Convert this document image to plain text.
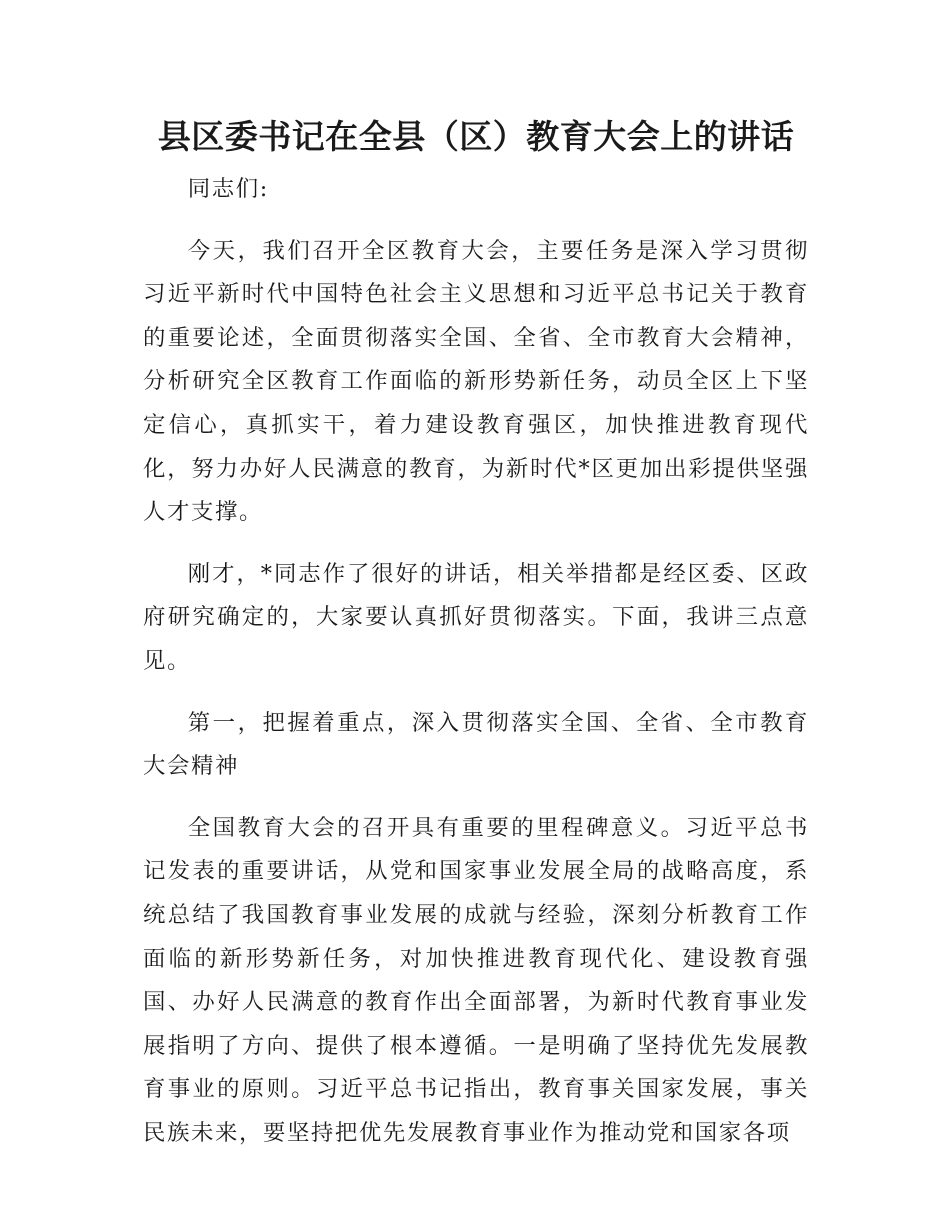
县区委书记在全县（区）教育大会上的讲话

同志们:

今天，我们召开全区教育大会，主要任务是深入学习贯彻习近平新时代中国特色社会主义思想和习近平总书记关于教育的重要论述，全面贯彻落实全国、全省、全市教育大会精神，分析研究全区教育工作面临的新形势新任务，动员全区上下坚定信心，真抓实干，着力建设教育强区，加快推进教育现代化，努力办好人民满意的教育，为新时代*区更加出彩提供坚强人才支撑。

刚才，*同志作了很好的讲话，相关举措都是经区委、区政府研究确定的，大家要认真抓好贯彻落实。下面，我讲三点意见。

第一，把握着重点，深入贯彻落实全国、全省、全市教育大会精神

全国教育大会的召开具有重要的里程碑意义。习近平总书记发表的重要讲话，从党和国家事业发展全局的战略高度，系统总结了我国教育事业发展的成就与经验，深刻分析教育工作面临的新形势新任务，对加快推进教育现代化、建设教育强国、办好人民满意的教育作出全面部署，为新时代教育事业发展指明了方向、提供了根本遵循。一是明确了坚持优先发展教育事业的原则。习近平总书记指出，教育事关国家发展，事关民族未来，要坚持把优先发展教育事业作为推动党和国家各项
